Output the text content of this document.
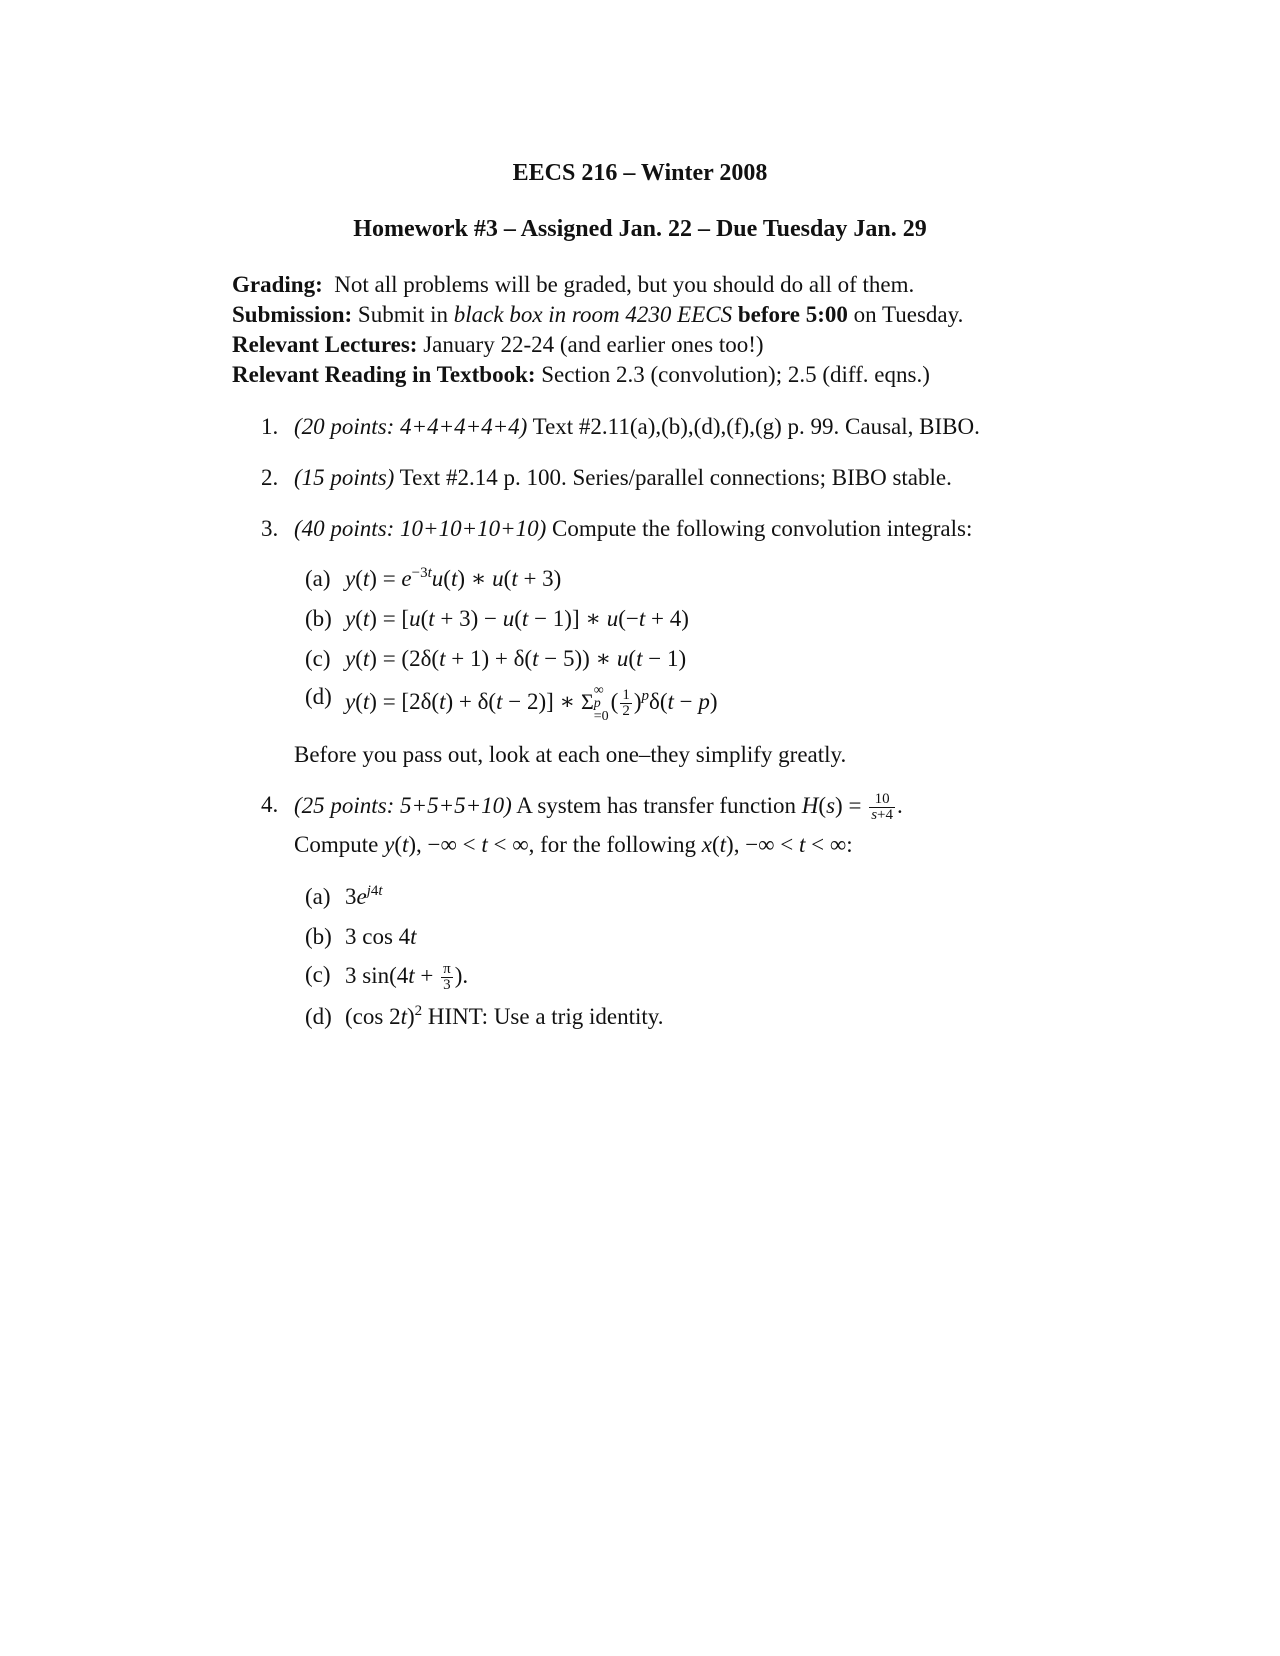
EECS 216 – Winter 2008
Homework #3 – Assigned Jan. 22 – Due Tuesday Jan. 29
Grading: Not all problems will be graded, but you should do all of them.
Submission: Submit in black box in room 4230 EECS before 5:00 on Tuesday.
Relevant Lectures: January 22-24 (and earlier ones too!)
Relevant Reading in Textbook: Section 2.3 (convolution); 2.5 (diff. eqns.)
1. (20 points: 4+4+4+4+4) Text #2.11(a),(b),(d),(f),(g) p. 99. Causal, BIBO.
2. (15 points) Text #2.14 p. 100. Series/parallel connections; BIBO stable.
3. (40 points: 10+10+10+10) Compute the following convolution integrals:
(a) $y(t) = e^{-3t}u(t)$ ∗ u(t + 3)
(b) y(t) = [u(t + 3) − u(t − 1)] ∗ u(−t + 4)
(c) y(t) = (2δ(t + 1) + δ(t − 5)) ∗ u(t − 1)
(d) y(t) = [2δ(t) + δ(t − 2)] ∗ Σ ∞
p
=0
( $\frac{1}{2} )^p\delta(t - p)$
Before you pass out, look at each one–they simplify greatly.
4. (25 points: 5+5+5+10) A system has transfer function $H(s) = \frac{10}{s+4}$ .
Compute y(t), −∞ < t < ∞, for the following x(t), −∞ < t < ∞:
(a) $3e^{j4t}$
(b) 3 cos 4t
(c) 3 $\sin(4t + \frac{\pi}{3}$ ).
(d) (cos 2t)$^2$ HINT: Use a trig identity.
